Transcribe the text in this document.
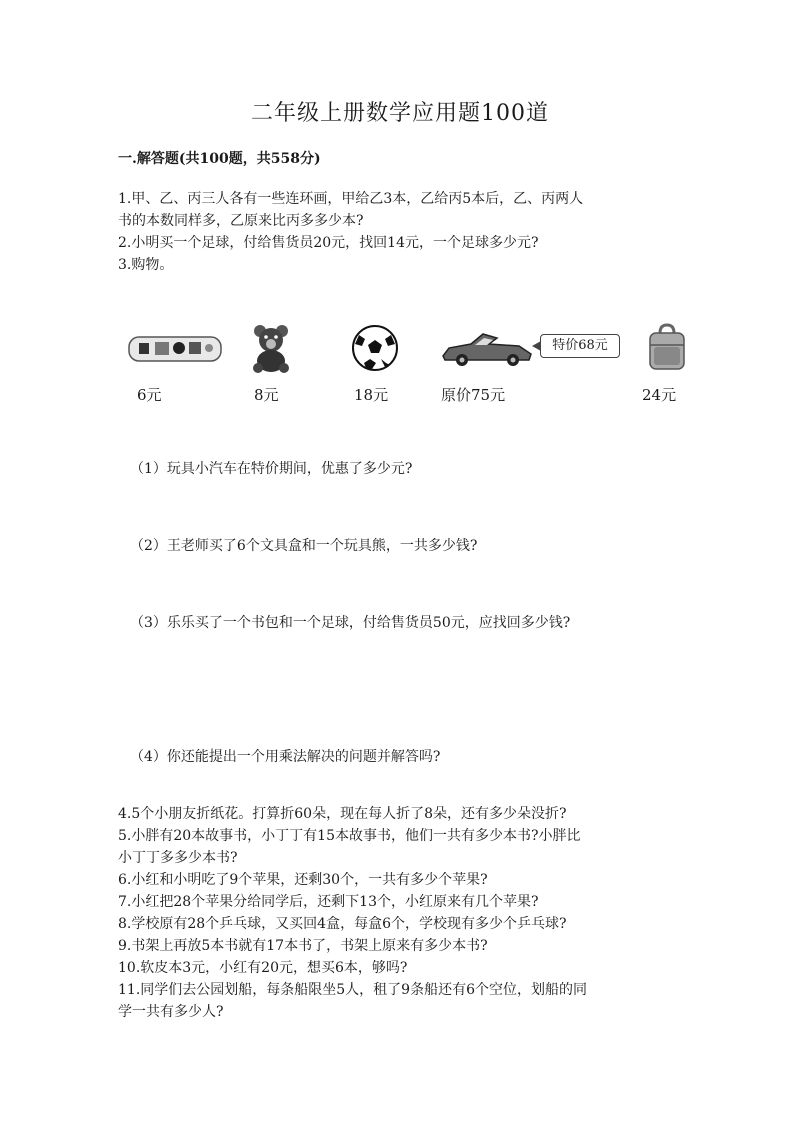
二年级上册数学应用题100道
一.解答题(共100题，共558分)

1.甲、乙、丙三人各有一些连环画，甲给乙3本，乙给丙5本后，乙、丙两人

书的本数同样多，乙原来比丙多多少本?

2.小明买一个足球，付给售货员20元，找回14元，一个足球多少元?

3.购物。

6元	8元	18元	原价75元
特价68元
24元
（1）玩具小汽车在特价期间，优惠了多少元?
（2）王老师买了6个文具盒和一个玩具熊，一共多少钱?
（3）乐乐买了一个书包和一个足球，付给售货员50元，应找回多少钱?
（4）你还能提出一个用乘法解决的问题并解答吗?

4.5个小朋友折纸花。打算折60朵，现在每人折了8朵，还有多少朵没折?

5.小胖有20本故事书，小丁丁有15本故事书，他们一共有多少本书?小胖比

小丁丁多多少本书?

6.小红和小明吃了9个苹果，还剩30个，一共有多少个苹果?

7.小红把28个苹果分给同学后，还剩下13个，小红原来有几个苹果?

8.学校原有28个乒乓球，又买回4盒，每盒6个，学校现有多少个乒乓球?

9.书架上再放5本书就有17本书了，书架上原来有多少本书?

10.软皮本3元，小红有20元，想买6本，够吗?

11.同学们去公园划船，每条船限坐5人，租了9条船还有6个空位，划船的同

学一共有多少人?
